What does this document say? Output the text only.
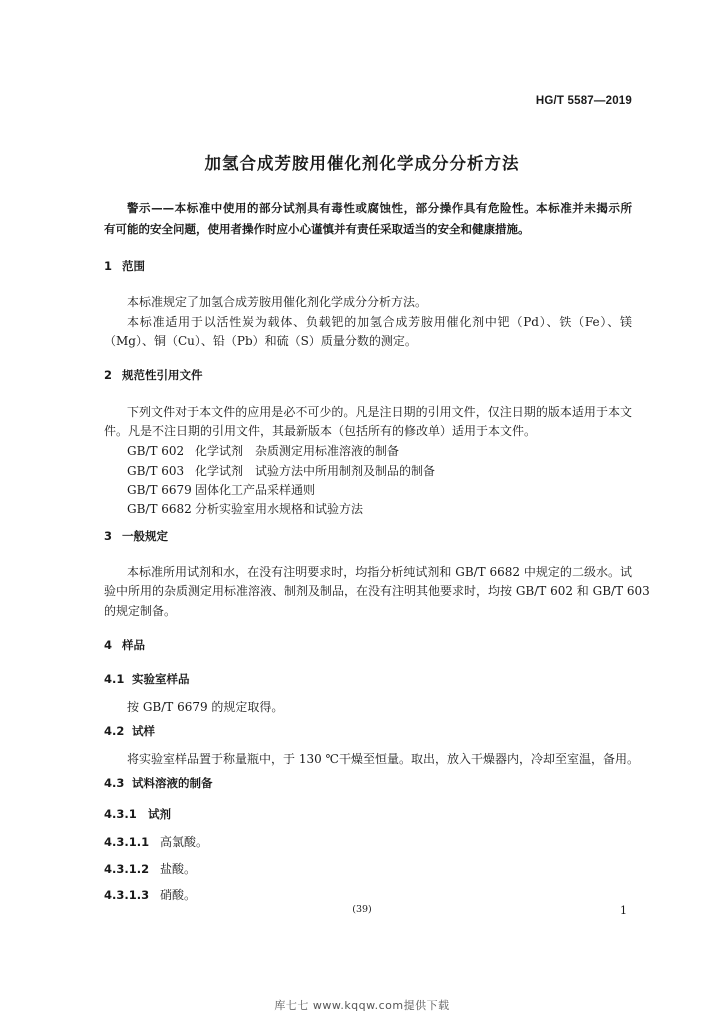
HG/T 5587—2019
加氢合成芳胺用催化剂化学成分分析方法
警示——本标准中使用的部分试剂具有毒性或腐蚀性，部分操作具有危险性。本标准并未揭示所
有可能的安全问题，使用者操作时应小心谨慎并有责任采取适当的安全和健康措施。
1 范围
本标准规定了加氢合成芳胺用催化剂化学成分分析方法。
本标准适用于以活性炭为载体、负载钯的加氢合成芳胺用催化剂中钯（Pd）、铁（Fe）、镁
（Mg）、铜（Cu）、铅（Pb）和硫（S）质量分数的测定。
2 规范性引用文件
下列文件对于本文件的应用是必不可少的。凡是注日期的引用文件，仅注日期的版本适用于本文
件。凡是不注日期的引用文件，其最新版本（包括所有的修改单）适用于本文件。
GB/T 602 化学试剂　杂质测定用标准溶液的制备
GB/T 603 化学试剂　试验方法中所用制剂及制品的制备
GB/T 6679 固体化工产品采样通则
GB/T 6682 分析实验室用水规格和试验方法
3 一般规定
本标准所用试剂和水，在没有注明要求时，均指分析纯试剂和 GB/T 6682 中规定的二级水。试
验中所用的杂质测定用标准溶液、制剂及制品，在没有注明其他要求时，均按 GB/T 602 和 GB/T 603
的规定制备。
4 样品
4.1 实验室样品
按 GB/T 6679 的规定取得。
4.2 试样
将实验室样品置于称量瓶中，于 130 ℃干燥至恒量。取出，放入干燥器内，冷却至室温，备用。
4.3 试料溶液的制备
4.3.1 试剂
4.3.1.1 高氯酸。
4.3.1.2 盐酸。
4.3.1.3 硝酸。
(39)	1
库七七 www.kqqw.com提供下载
